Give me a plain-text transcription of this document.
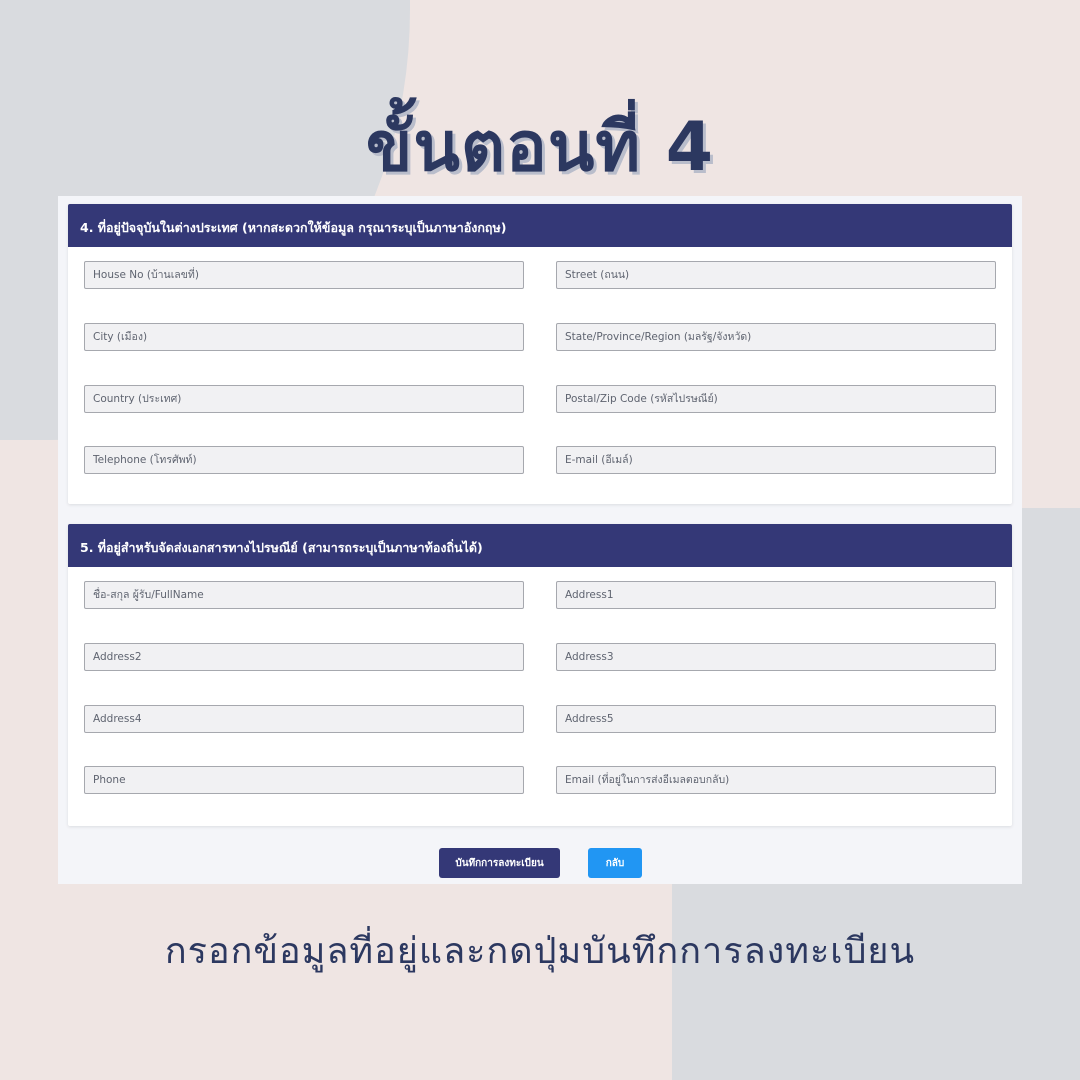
ขั้นตอนที่ 4
4. ที่อยู่ปัจจุบันในต่างประเทศ (หากสะดวกให้ข้อมูล กรุณาระบุเป็นภาษาอังกฤษ)
House No (บ้านเลขที่)
Street (ถนน)
City (เมือง)
State/Province/Region (มลรัฐ/จังหวัด)
Country (ประเทศ)
Postal/Zip Code (รหัสไปรษณีย์)
Telephone (โทรศัพท์)
E-mail (อีเมล์)
5. ที่อยู่สำหรับจัดส่งเอกสารทางไปรษณีย์ (สามารถระบุเป็นภาษาท้องถิ่นได้)
ชื่อ-สกุล ผู้รับ/FullName
Address1
Address2
Address3
Address4
Address5
Phone
Email (ที่อยู่ในการส่งอีเมลตอบกลับ)
บันทึกการลงทะเบียน	กลับ

กรอกข้อมูลที่อยู่และกดปุ่มบันทึกการลงทะเบียน
